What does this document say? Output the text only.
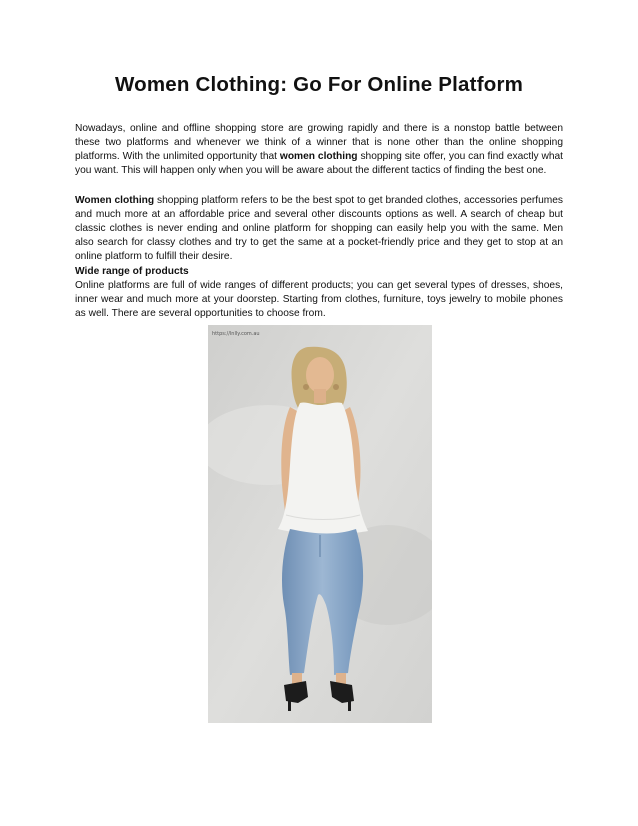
Women Clothing: Go For Online Platform

Nowadays, online and offline shopping store are growing rapidly and there is a nonstop battle between these two platforms and whenever we think of a winner that is none other than the online shopping platforms. With the unlimited opportunity that women clothing shopping site offer, you can find exactly what you want. This will happen only when you will be aware about the different tactics of finding the best one.

Women clothing shopping platform refers to be the best spot to get branded clothes, accessories perfumes and much more at an affordable price and several other discounts options as well. A search of cheap but classic clothes is never ending and online platform for shopping can easily help you with the same. Men also search for classy clothes and try to get the same at a pocket-friendly price and they get to stop at an online platform to fulfill their desire.

Wide range of products
Online platforms are full of wide ranges of different products; you can get several types of dresses, shoes, inner wear and much more at your doorstep. Starting from clothes, furniture, toys jewelry to mobile phones as well. There are several opportunities to choose from.
https://lnlly.com.au
